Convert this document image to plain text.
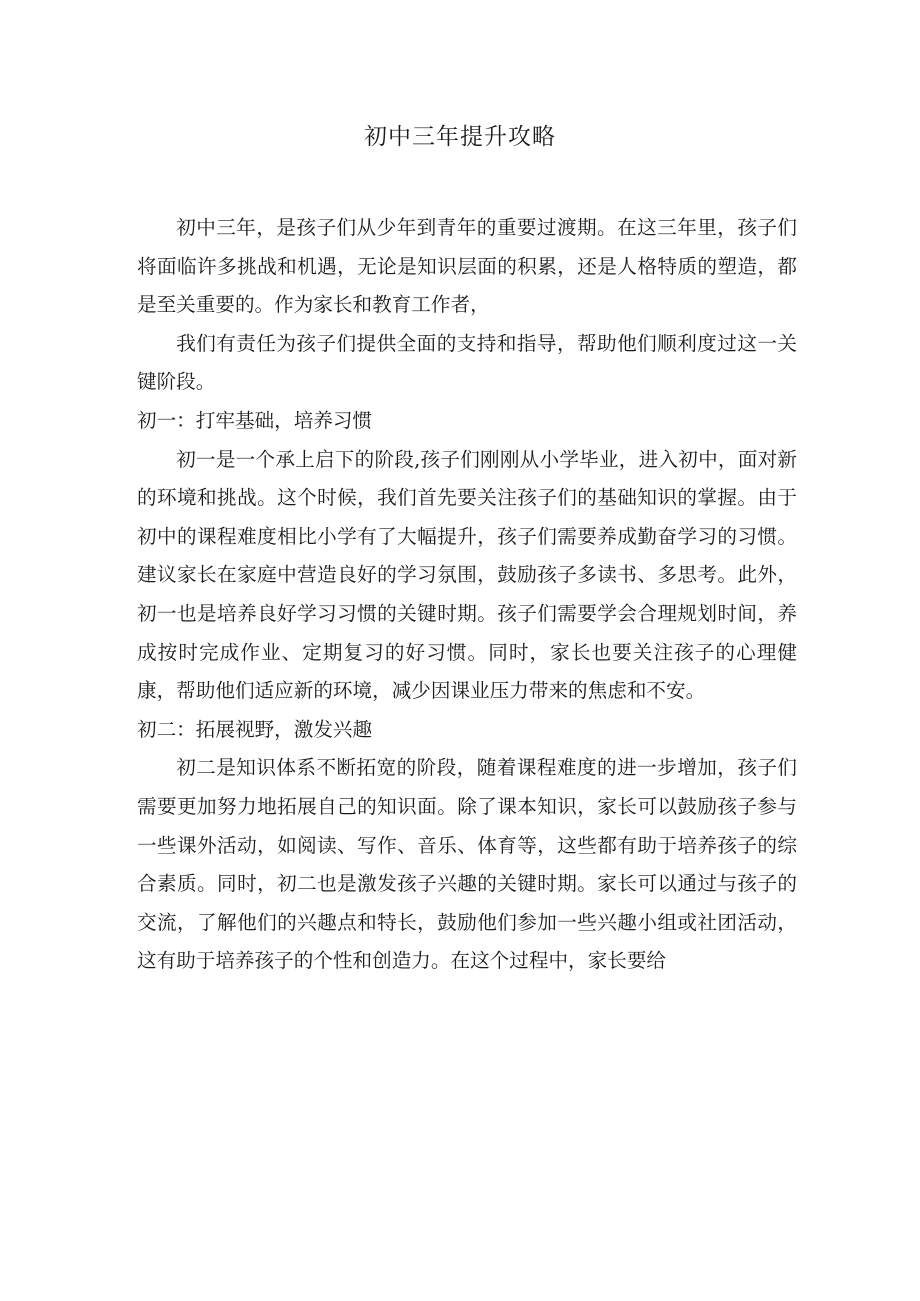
初中三年提升攻略

初中三年，是孩子们从少年到青年的重要过渡期。在这三年里，孩子们将面临许多挑战和机遇，无论是知识层面的积累，还是人格特质的塑造，都是至关重要的。作为家长和教育工作者，

我们有责任为孩子们提供全面的支持和指导，帮助他们顺利度过这一关键阶段。

初一：打牢基础，培养习惯

初一是一个承上启下的阶段,孩子们刚刚从小学毕业，进入初中，面对新的环境和挑战。这个时候，我们首先要关注孩子们的基础知识的掌握。由于初中的课程难度相比小学有了大幅提升，孩子们需要养成勤奋学习的习惯。建议家长在家庭中营造良好的学习氛围，鼓励孩子多读书、多思考。此外，初一也是培养良好学习习惯的关键时期。孩子们需要学会合理规划时间，养成按时完成作业、定期复习的好习惯。同时，家长也要关注孩子的心理健康，帮助他们适应新的环境，减少因课业压力带来的焦虑和不安。

初二：拓展视野，激发兴趣

初二是知识体系不断拓宽的阶段，随着课程难度的进一步增加，孩子们需要更加努力地拓展自己的知识面。除了课本知识，家长可以鼓励孩子参与一些课外活动，如阅读、写作、音乐、体育等，这些都有助于培养孩子的综合素质。同时，初二也是激发孩子兴趣的关键时期。家长可以通过与孩子的交流，了解他们的兴趣点和特长，鼓励他们参加一些兴趣小组或社团活动，这有助于培养孩子的个性和创造力。在这个过程中，家长要给
